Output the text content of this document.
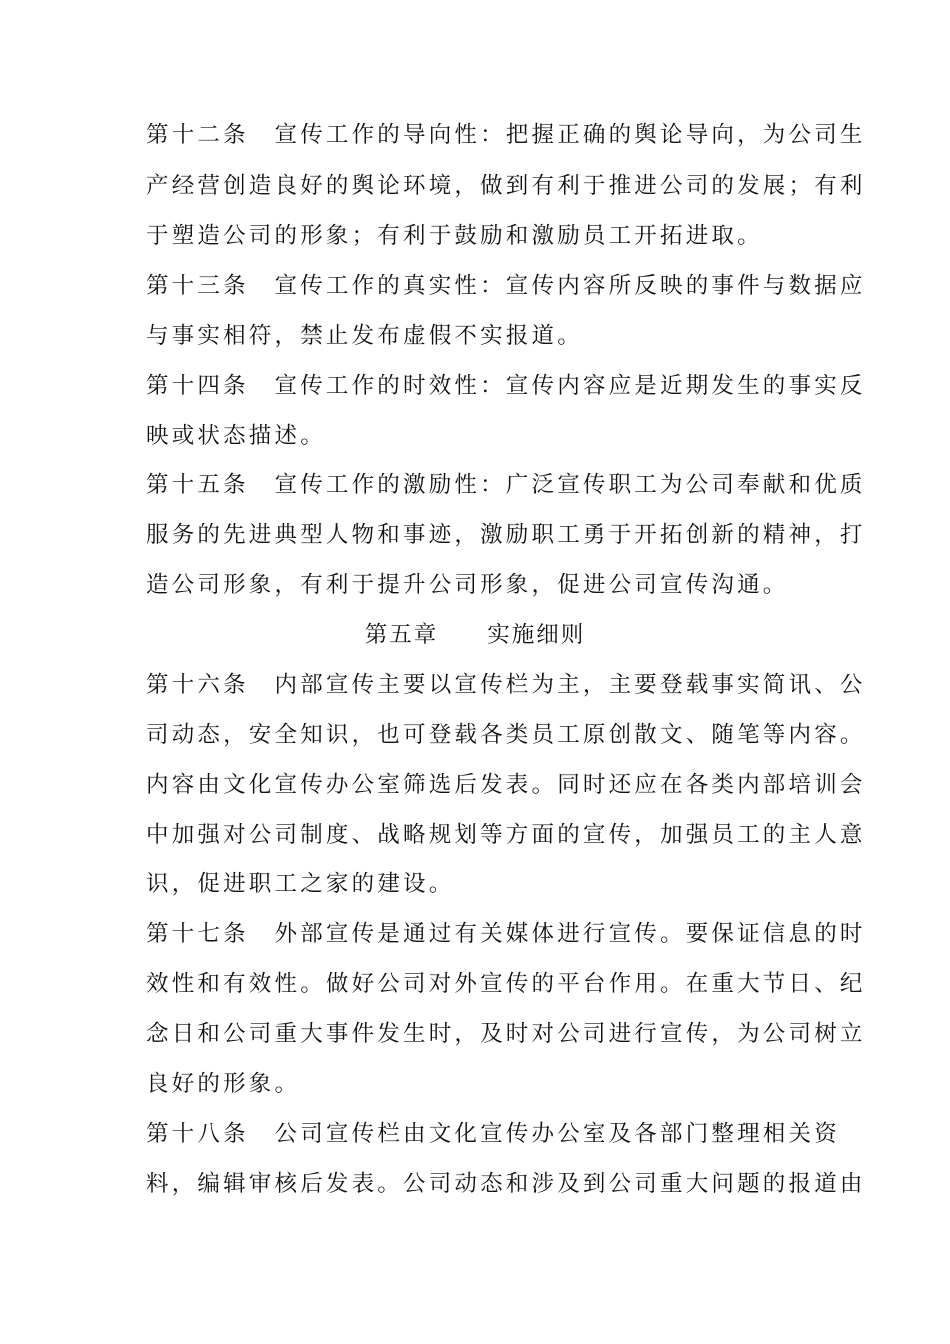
第十二条　宣传工作的导向性：把握正确的舆论导向，为公司生
产经营创造良好的舆论环境，做到有利于推进公司的发展；有利
于塑造公司的形象；有利于鼓励和激励员工开拓进取。
第十三条　宣传工作的真实性：宣传内容所反映的事件与数据应
与事实相符，禁止发布虚假不实报道。
第十四条　宣传工作的时效性：宣传内容应是近期发生的事实反
映或状态描述。
第十五条　宣传工作的激励性：广泛宣传职工为公司奉献和优质
服务的先进典型人物和事迹，激励职工勇于开拓创新的精神，打
造公司形象，有利于提升公司形象，促进公司宣传沟通。
第五章　　实施细则
第十六条　内部宣传主要以宣传栏为主，主要登载事实简讯、公
司动态，安全知识，也可登载各类员工原创散文、随笔等内容。
内容由文化宣传办公室筛选后发表。同时还应在各类内部培训会
中加强对公司制度、战略规划等方面的宣传，加强员工的主人意
识，促进职工之家的建设。
第十七条　外部宣传是通过有关媒体进行宣传。要保证信息的时
效性和有效性。做好公司对外宣传的平台作用。在重大节日、纪
念日和公司重大事件发生时，及时对公司进行宣传，为公司树立
良好的形象。
第十八条　公司宣传栏由文化宣传办公室及各部门整理相关资
料，编辑审核后发表。公司动态和涉及到公司重大问题的报道由
